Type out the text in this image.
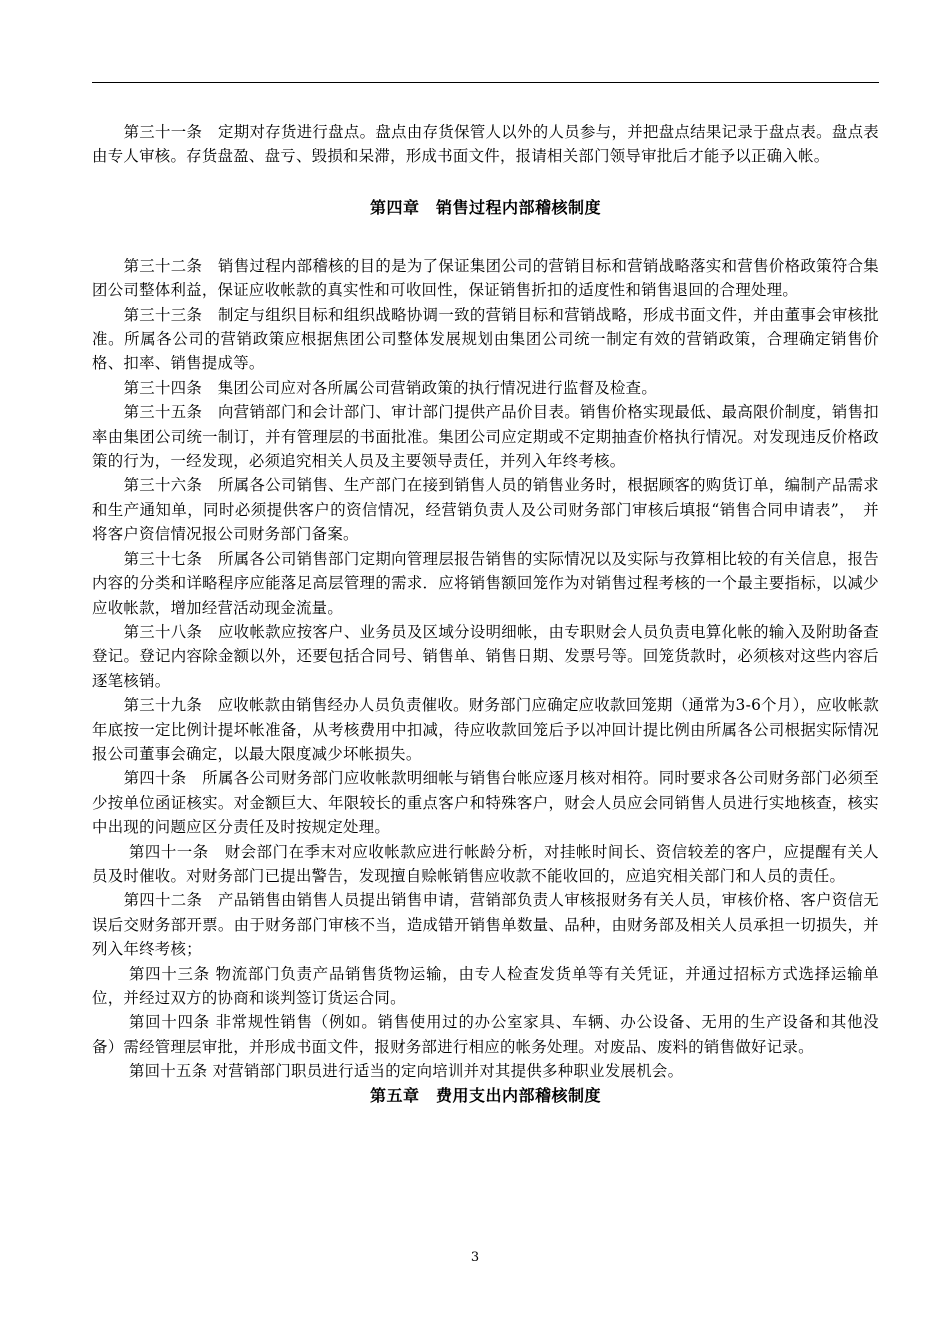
第三十一条　定期对存货进行盘点。盘点由存货保管人以外的人员参与，并把盘点结果记录于盘点表。盘点表由专人审核。存货盘盈、盘亏、毁损和呆滞，形成书面文件，报请相关部门领导审批后才能予以正确入帐。

第四章　销售过程内部稽核制度

第三十二条　销售过程内部稽核的目的是为了保证集团公司的营销目标和营销战略落实和营售价格政策符合集团公司整体利益，保证应收帐款的真实性和可收回性，保证销售折扣的适度性和销售退回的合理处理。

第三十三条　制定与组织目标和组织战略协调一致的营销目标和营销战略，形成书面文件，并由董事会审核批准。所属各公司的营销政策应根据焦团公司整体发展规划由集团公司统一制定有效的营销政策，合理确定销售价格、扣率、销售提成等。

第三十四条　集团公司应对各所属公司营销政策的执行情况进行监督及检查。

第三十五条　向营销部门和会计部门、审计部门提供产品价目表。销售价格实现最低、最高限价制度，销售扣率由集团公司统一制订，并有管理层的书面批准。集团公司应定期或不定期抽查价格执行情况。对发现违反价格政策的行为，一经发现，必须追究相关人员及主要领导责任，并列入年终考核。

第三十六条　所属各公司销售、生产部门在接到销售人员的销售业务时，根据顾客的购货订单，编制产品需求和生产通知单，同时必须提供客户的资信情况，经营销负责人及公司财务部门审核后填报“销售合同申请表”，　并将客户资信情况报公司财务部门备案。

第三十七条　所属各公司销售部门定期向管理层报告销售的实际情况以及实际与孜算相比较的有关信息，报告内容的分类和详略程序应能落足高层管理的需求．应将销售额回笼作为对销售过程考核的一个最主要指标，以减少应收帐款，增加经营活动现金流量。

第三十八条　应收帐款应按客户、业务员及区域分设明细帐，由专职财会人员负责电算化帐的输入及附助备查登记。登记内容除金额以外，还要包括合同号、销售单、销售日期、发票号等。回笼货款时，必须核对这些内容后逐笔核销。

第三十九条　应收帐款由销售经办人员负责催收。财务部门应确定应收款回笼期（通常为3-6个月），应收帐款年底按一定比例计提坏帐准备，从考核费用中扣减，待应收款回笼后予以冲回计提比例由所属各公司根据实际情况报公司董事会确定，以最大限度减少坏帐损失。

第四十条　所属各公司财务部门应收帐款明细帐与销售台帐应逐月核对相符。同时要求各公司财务部门必须至少按单位函证核实。对金额巨大、年限较长的重点客户和特殊客户，财会人员应会同销售人员进行实地核查，核实中出现的问题应区分责任及时按规定处理。

第四十一条　财会部门在季末对应收帐款应进行帐龄分析，对挂帐时间长、资信较差的客户，应提醒有关人员及时催收。对财务部门已提出警告，发现擅自赊帐销售应收款不能收回的，应追究相关部门和人员的责任。

第四十二条　产品销售由销售人员提出销售申请，营销部负责人审核报财务有关人员，审核价格、客户资信无误后交财务部开票。由于财务部门审核不当，造成错开销售单数量、品种，由财务部及相关人员承担一切损失，并列入年终考核；

第四十三条 物流部门负责产品销售货物运输，由专人检查发货单等有关凭证，并通过招标方式选择运输单位，并经过双方的协商和谈判签订货运合同。

第回十四条 非常规性销售（例如。销售使用过的办公室家具、车辆、办公设备、无用的生产设备和其他没备）需经管理层审批，并形成书面文件，报财务部进行相应的帐务处理。对废品、废料的销售做好记录。

第回十五条 对营销部门职员进行适当的定向培训并对其提供多种职业发展机会。

第五章　费用支出内部稽核制度

3
